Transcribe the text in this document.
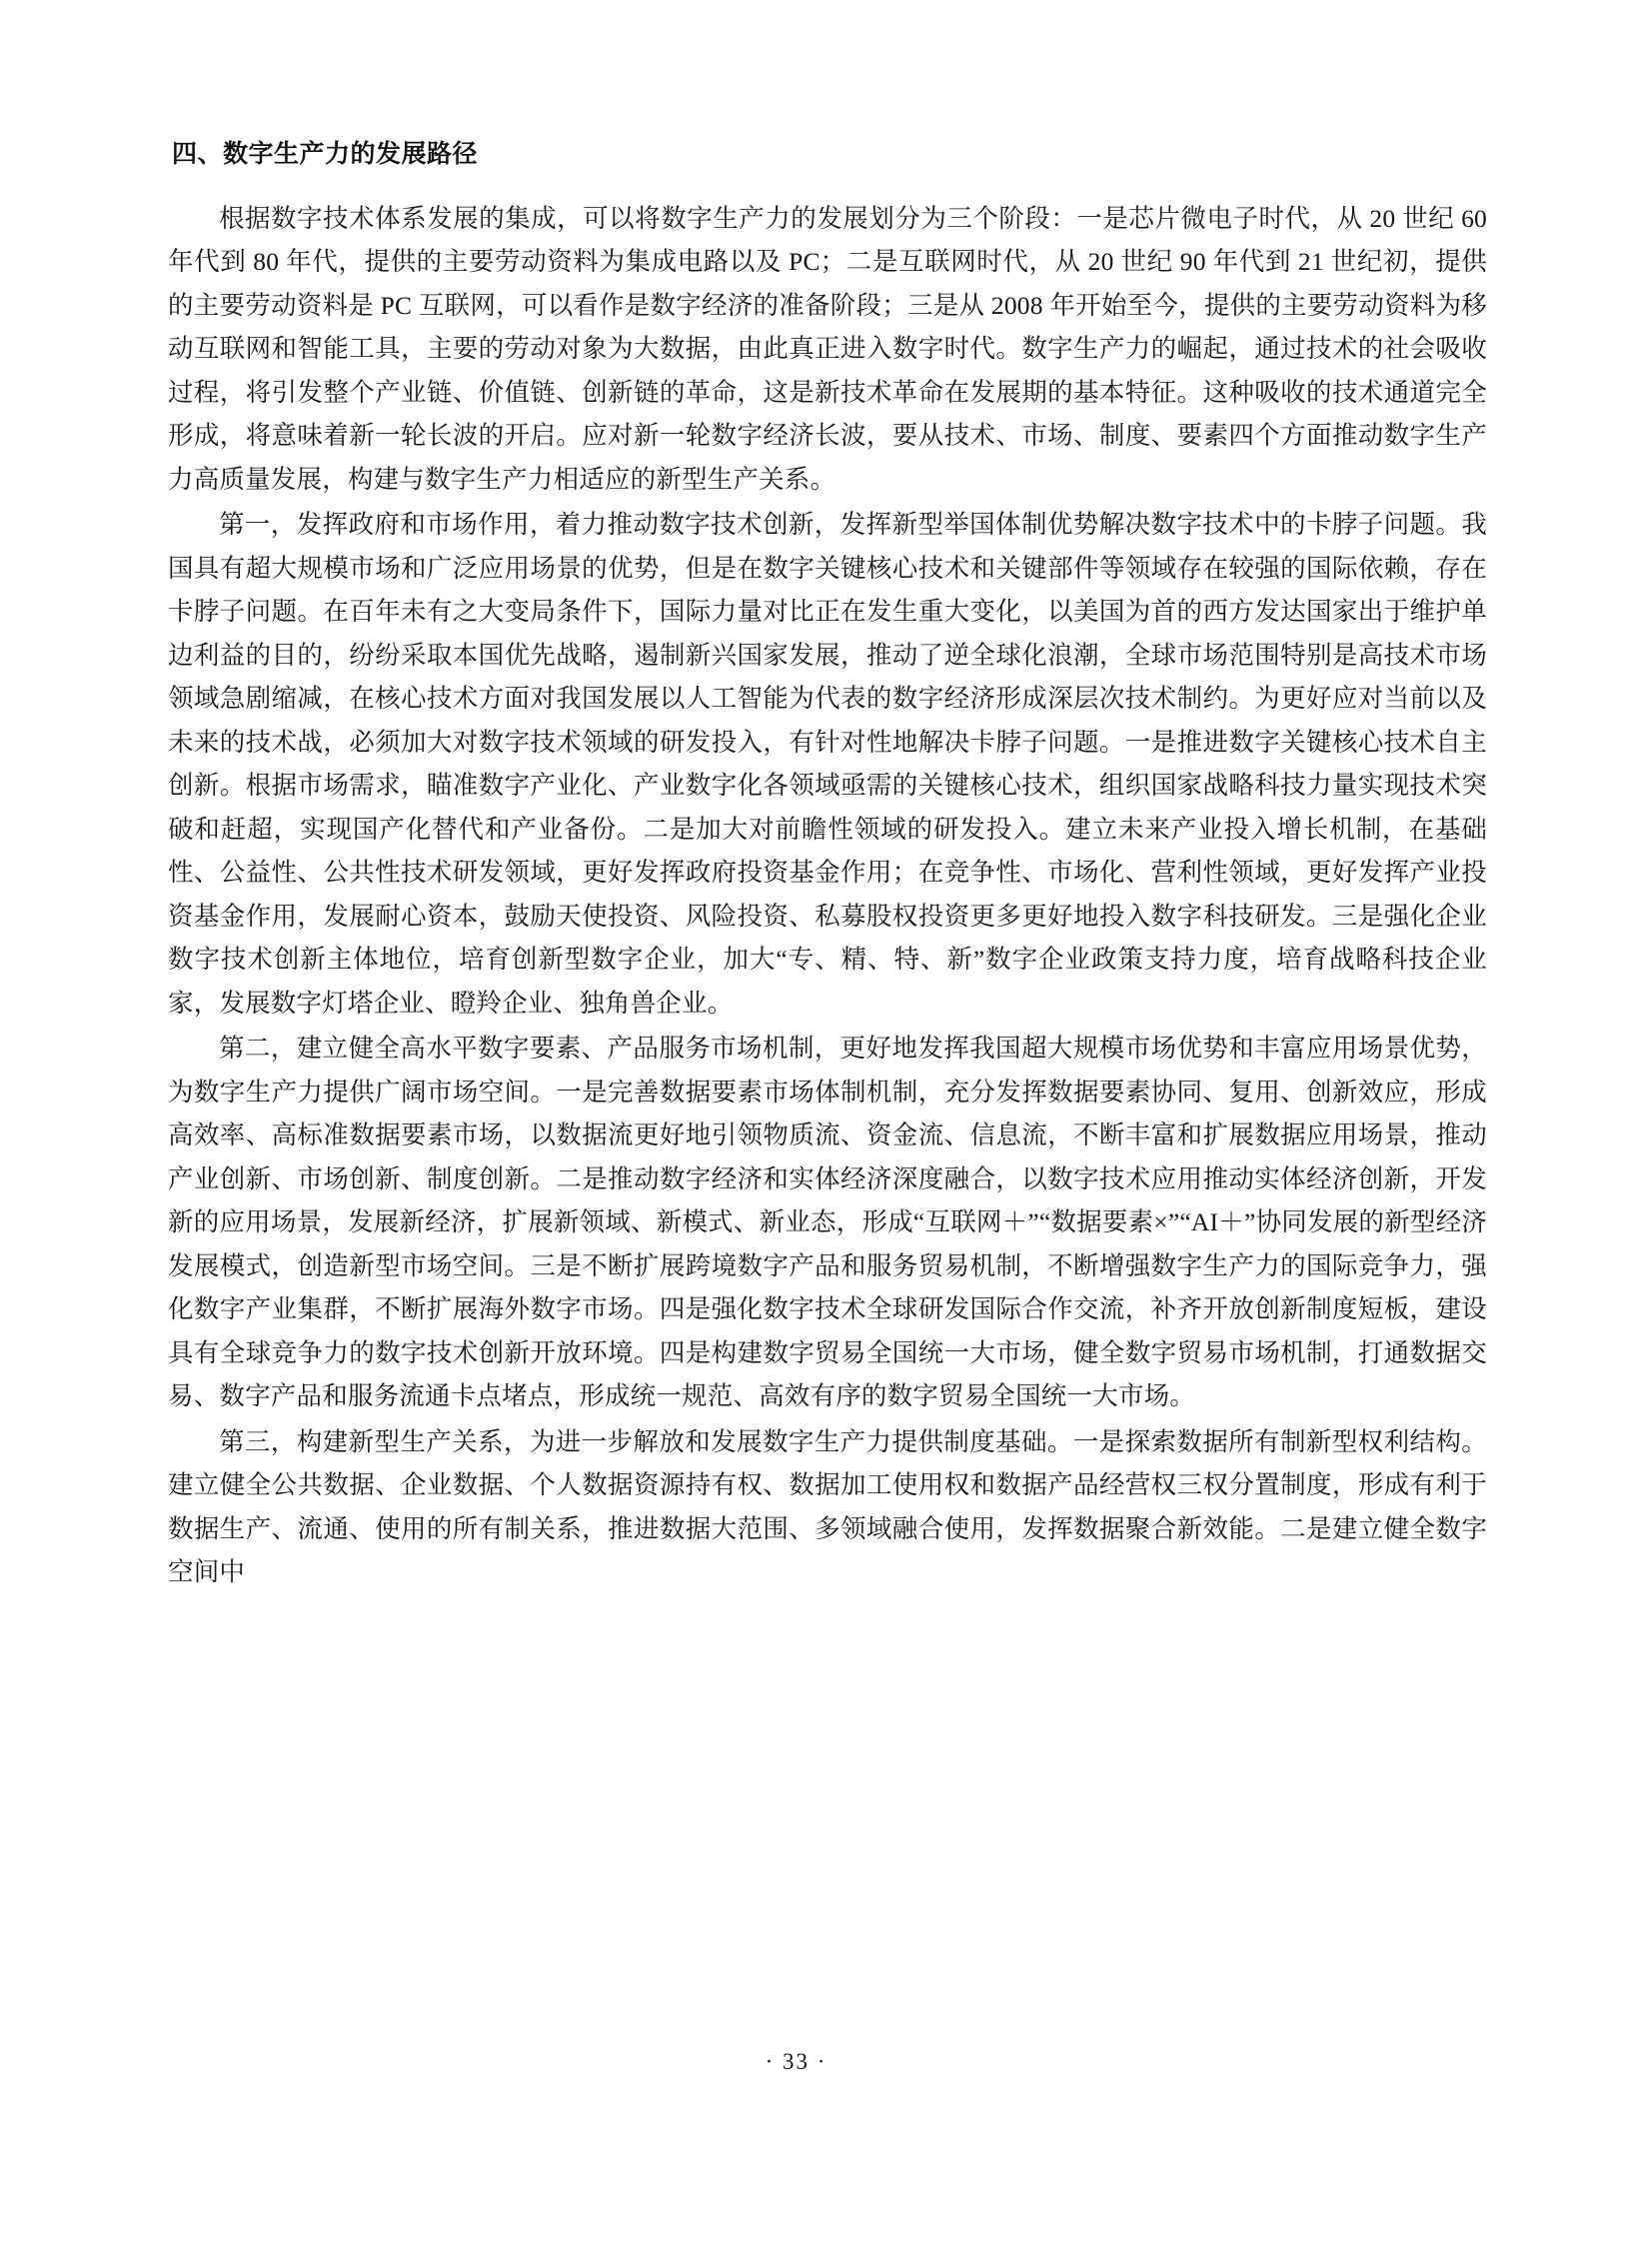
四、数字生产力的发展路径

根据数字技术体系发展的集成，可以将数字生产力的发展划分为三个阶段：一是芯片微电子时代，从 20 世纪 60 年代到 80 年代，提供的主要劳动资料为集成电路以及 PC；二是互联网时代，从 20 世纪 90 年代到 21 世纪初，提供的主要劳动资料是 PC 互联网，可以看作是数字经济的准备阶段；三是从 2008 年开始至今，提供的主要劳动资料为移动互联网和智能工具，主要的劳动对象为大数据，由此真正进入数字时代。数字生产力的崛起，通过技术的社会吸收过程，将引发整个产业链、价值链、创新链的革命，这是新技术革命在发展期的基本特征。这种吸收的技术通道完全形成，将意味着新一轮长波的开启。应对新一轮数字经济长波，要从技术、市场、制度、要素四个方面推动数字生产力高质量发展，构建与数字生产力相适应的新型生产关系。

第一，发挥政府和市场作用，着力推动数字技术创新，发挥新型举国体制优势解决数字技术中的卡脖子问题。我国具有超大规模市场和广泛应用场景的优势，但是在数字关键核心技术和关键部件等领域存在较强的国际依赖，存在卡脖子问题。在百年未有之大变局条件下，国际力量对比正在发生重大变化，以美国为首的西方发达国家出于维护单边利益的目的，纷纷采取本国优先战略，遏制新兴国家发展，推动了逆全球化浪潮，全球市场范围特别是高技术市场领域急剧缩减，在核心技术方面对我国发展以人工智能为代表的数字经济形成深层次技术制约。为更好应对当前以及未来的技术战，必须加大对数字技术领域的研发投入，有针对性地解决卡脖子问题。一是推进数字关键核心技术自主创新。根据市场需求，瞄准数字产业化、产业数字化各领域亟需的关键核心技术，组织国家战略科技力量实现技术突破和赶超，实现国产化替代和产业备份。二是加大对前瞻性领域的研发投入。建立未来产业投入增长机制，在基础性、公益性、公共性技术研发领域，更好发挥政府投资基金作用；在竞争性、市场化、营利性领域，更好发挥产业投资基金作用，发展耐心资本，鼓励天使投资、风险投资、私募股权投资更多更好地投入数字科技研发。三是强化企业数字技术创新主体地位，培育创新型数字企业，加大“专、精、特、新”数字企业政策支持力度，培育战略科技企业家，发展数字灯塔企业、瞪羚企业、独角兽企业。

第二，建立健全高水平数字要素、产品服务市场机制，更好地发挥我国超大规模市场优势和丰富应用场景优势，为数字生产力提供广阔市场空间。一是完善数据要素市场体制机制，充分发挥数据要素协同、复用、创新效应，形成高效率、高标准数据要素市场，以数据流更好地引领物质流、资金流、信息流，不断丰富和扩展数据应用场景，推动产业创新、市场创新、制度创新。二是推动数字经济和实体经济深度融合，以数字技术应用推动实体经济创新，开发新的应用场景，发展新经济，扩展新领域、新模式、新业态，形成“互联网＋”“数据要素×”“AI＋”协同发展的新型经济发展模式，创造新型市场空间。三是不断扩展跨境数字产品和服务贸易机制，不断增强数字生产力的国际竞争力，强化数字产业集群，不断扩展海外数字市场。四是强化数字技术全球研发国际合作交流，补齐开放创新制度短板，建设具有全球竞争力的数字技术创新开放环境。四是构建数字贸易全国统一大市场，健全数字贸易市场机制，打通数据交易、数字产品和服务流通卡点堵点，形成统一规范、高效有序的数字贸易全国统一大市场。

第三，构建新型生产关系，为进一步解放和发展数字生产力提供制度基础。一是探索数据所有制新型权利结构。建立健全公共数据、企业数据、个人数据资源持有权、数据加工使用权和数据产品经营权三权分置制度，形成有利于数据生产、流通、使用的所有制关系，推进数据大范围、多领域融合使用，发挥数据聚合新效能。二是建立健全数字空间中

· 33 ·
